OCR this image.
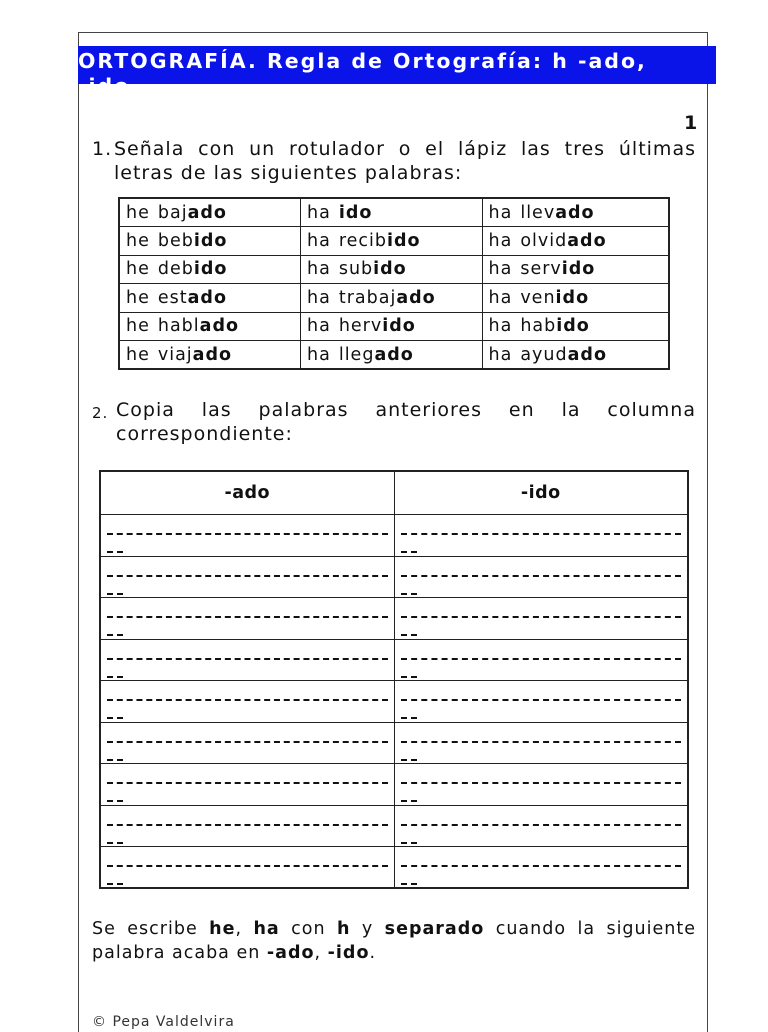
ORTOGRAFÍA. Regla de Ortografía: h -ado,
-ido
1
1. Señala con un rotulador o el lápiz las tres últimas letras de las siguientes palabras:
he bajado	ha ido	ha llevado
he bebido	ha recibido	ha olvidado
he debido	ha subido	ha servido
he estado	ha trabajado	ha venido
he hablado	ha hervido	ha habido
he viajado	ha llegado	ha ayudado
2. Copia las palabras anteriores en la columna correspondiente:
-ado	-ido

Se escribe he, ha con h y separado cuando la siguiente palabra acaba en -ado, -ido.
© Pepa Valdelvira
